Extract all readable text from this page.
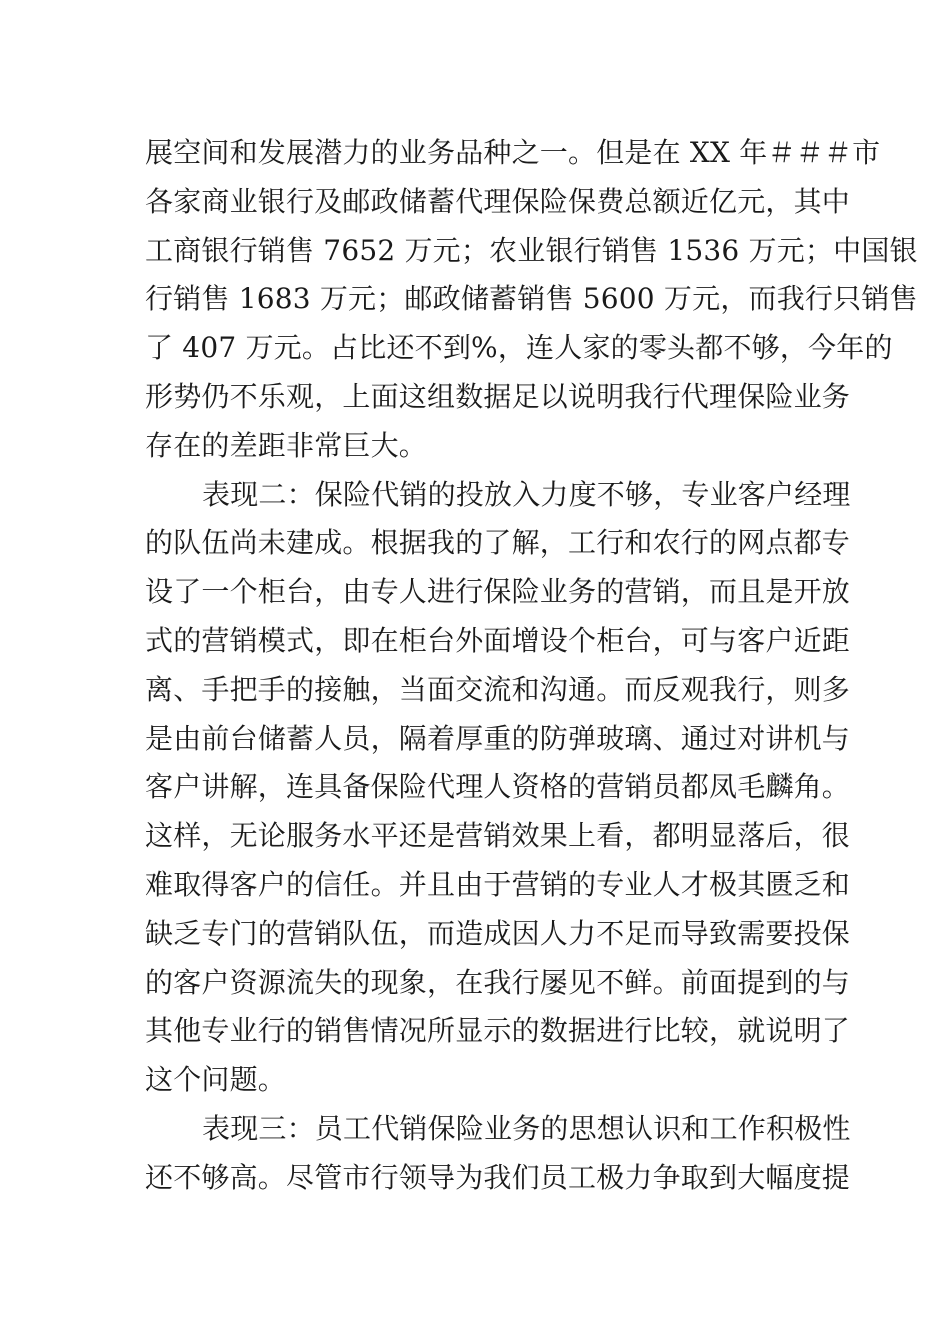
展空间和发展潜力的业务品种之一。但是在 XX 年＃＃＃市
各家商业银行及邮政储蓄代理保险保费总额近亿元，其中
工商银行销售 7652 万元；农业银行销售 1536 万元；中国银
行销售 1683 万元；邮政储蓄销售 5600 万元，而我行只销售
了 407 万元。占比还不到%，连人家的零头都不够，今年的
形势仍不乐观，上面这组数据足以说明我行代理保险业务
存在的差距非常巨大。
表现二：保险代销的投放入力度不够，专业客户经理
的队伍尚未建成。根据我的了解，工行和农行的网点都专
设了一个柜台，由专人进行保险业务的营销，而且是开放
式的营销模式，即在柜台外面增设个柜台，可与客户近距
离、手把手的接触，当面交流和沟通。而反观我行，则多
是由前台储蓄人员，隔着厚重的防弹玻璃、通过对讲机与
客户讲解，连具备保险代理人资格的营销员都凤毛麟角。
这样，无论服务水平还是营销效果上看，都明显落后，很
难取得客户的信任。并且由于营销的专业人才极其匮乏和
缺乏专门的营销队伍，而造成因人力不足而导致需要投保
的客户资源流失的现象，在我行屡见不鲜。前面提到的与
其他专业行的销售情况所显示的数据进行比较，就说明了
这个问题。
表现三：员工代销保险业务的思想认识和工作积极性
还不够高。尽管市行领导为我们员工极力争取到大幅度提
